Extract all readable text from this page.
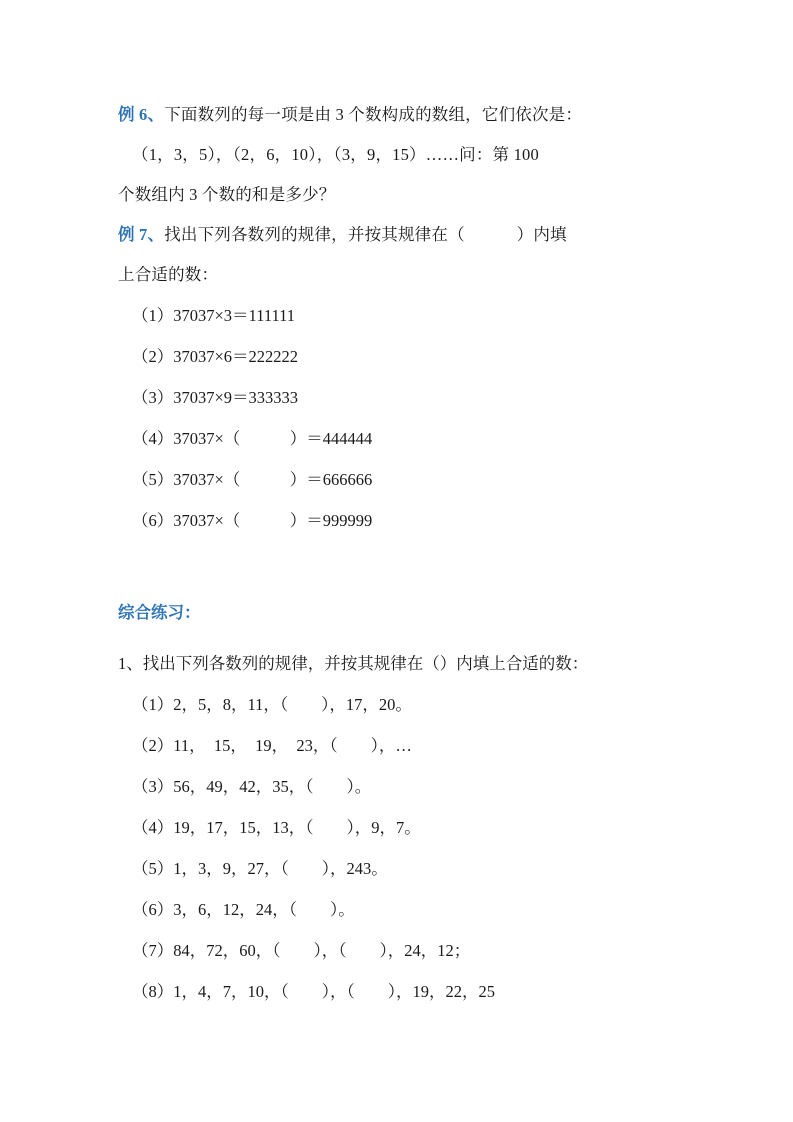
例 6、下面数列的每一项是由 3 个数构成的数组，它们依次是：
（1，3，5），（2，6，10），（3，9，15）……问：第 100
个数组内 3 个数的和是多少？
例 7、找出下列各数列的规律，并按其规律在（            ）内填
上合适的数：
（1）37037×3＝111111
（2）37037×6＝222222
（3）37037×9＝333333
（4）37037×（            ）＝444444
（5）37037×（            ）＝666666
（6）37037×（            ）＝999999
综合练习：
1、找出下列各数列的规律，并按其规律在（）内填上合适的数：
（1）2，5，8，11，（        ），17，20。
（2）11，  15，  19，  23，（        ），…
（3）56，49，42，35，（        ）。
（4）19，17，15，13，（        ），9，7。
（5）1，3，9，27，（        ），243。
（6）3，6，12，24，（        ）。
（7）84，72，60，（        ），（        ），24，12；
（8）1，4，7，10，（        ），（        ），19，22，25
